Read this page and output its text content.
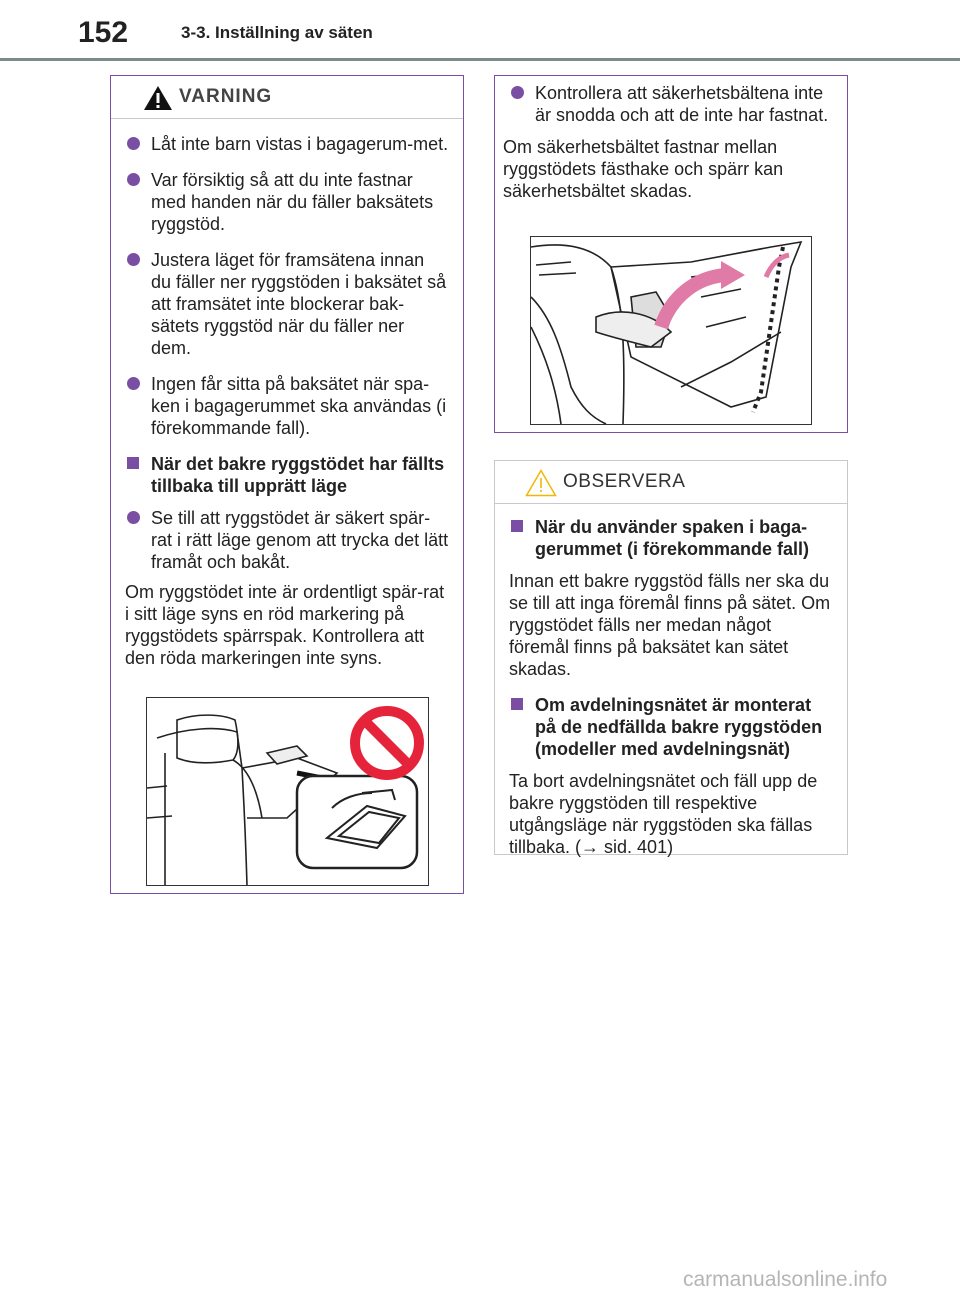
152	3-3. Inställning av säten
VARNING
Låt inte barn vistas i bagagerum-met.
Var försiktig så att du inte fastnar med handen när du fäller baksätets ryggstöd.
Justera läget för framsätena innan du fäller ner ryggstöden i baksätet så att framsätet inte blockerar bak-sätets ryggstöd när du fäller ner dem.
Ingen får sitta på baksätet när spa-ken i bagagerummet ska användas (i förekommande fall).
När det bakre ryggstödet har fällts tillbaka till upprätt läge
Se till att ryggstödet är säkert spär-rat i rätt läge genom att trycka det lätt framåt och bakåt.
Om ryggstödet inte är ordentligt spär-rat i sitt läge syns en röd markering på ryggstödets spärrspak. Kontrollera att den röda markeringen inte syns.
Kontrollera att säkerhetsbältena inte är snodda och att de inte har fastnat.
Om säkerhetsbältet fastnar mellan ryggstödets fästhake och spärr kan säkerhetsbältet skadas.
OBSERVERA
När du använder spaken i baga-gerummet (i förekommande fall)
Innan ett bakre ryggstöd fälls ner ska du se till att inga föremål finns på sätet. Om ryggstödet fälls ner medan något föremål finns på baksätet kan sätet skadas.
Om avdelningsnätet är monterat på de nedfällda bakre ryggstöden (modeller med avdelningsnät)
Ta bort avdelningsnätet och fäll upp de bakre ryggstöden till respektive utgångsläge när ryggstöden ska fällas tillbaka. (→ sid. 401)
carmanualsonline.info
